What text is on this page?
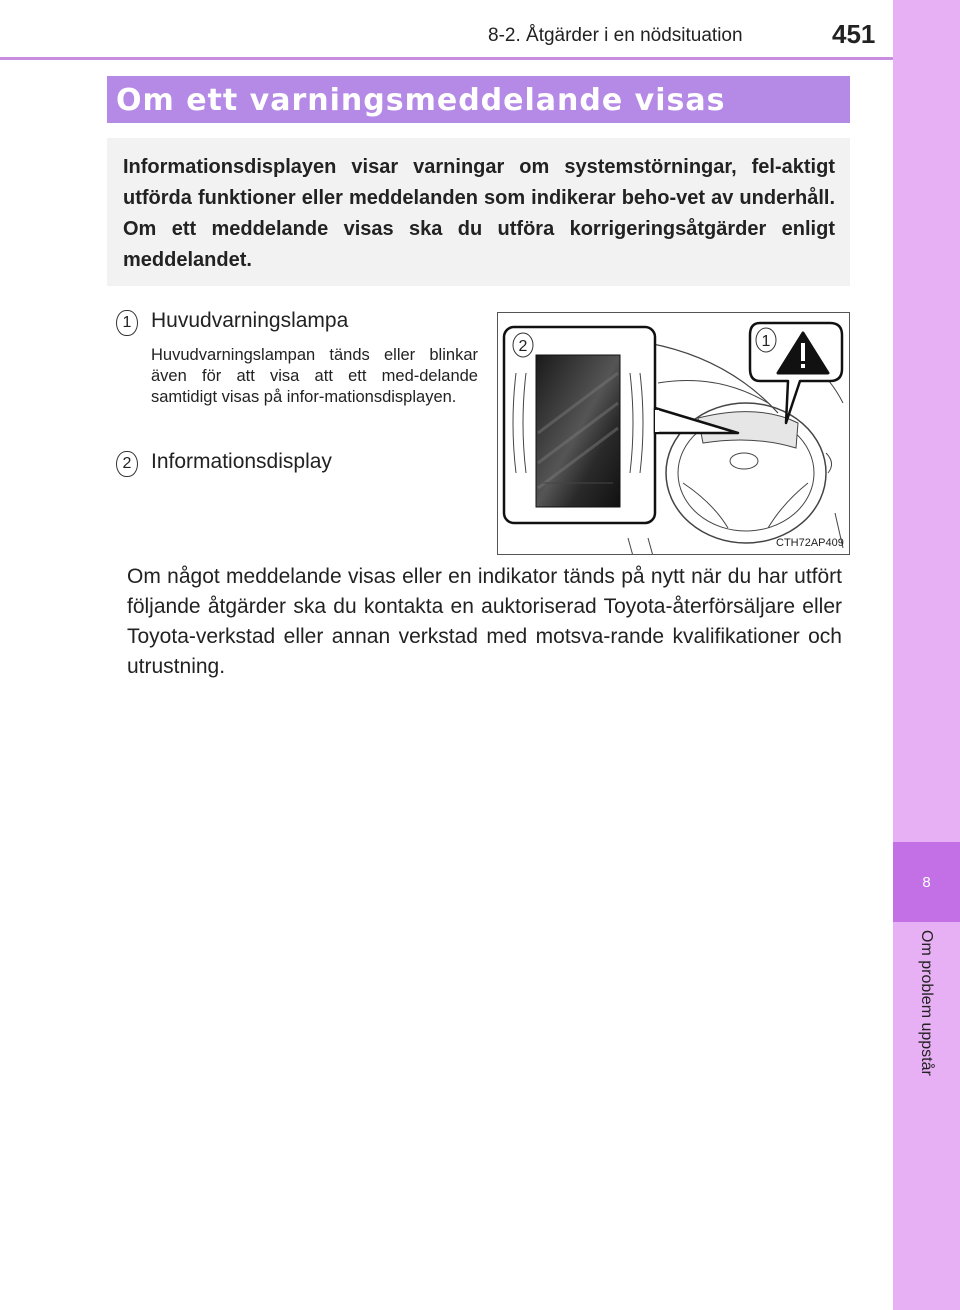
8
Om problem uppstår
8-2. Åtgärder i en nödsituation	451
Om ett varningsmeddelande visas

Informationsdisplayen visar varningar om systemstörningar, fel-aktigt utförda funktioner eller meddelanden som indikerar beho-vet av underhåll. Om ett meddelande visas ska du utföra korrigeringsåtgärder enligt meddelandet.

1 Huvudvarningslampa
Huvudvarningslampan tänds eller blinkar även för att visa att ett med-delande samtidigt visas på infor-mationsdisplayen.
2 Informationsdisplay
2	1
CTH72AP409
Om något meddelande visas eller en indikator tänds på nytt när du har utfört följande åtgärder ska du kontakta en auktoriserad Toyota-återförsäljare eller Toyota-verkstad eller annan verkstad med motsva-rande kvalifikationer och utrustning.
